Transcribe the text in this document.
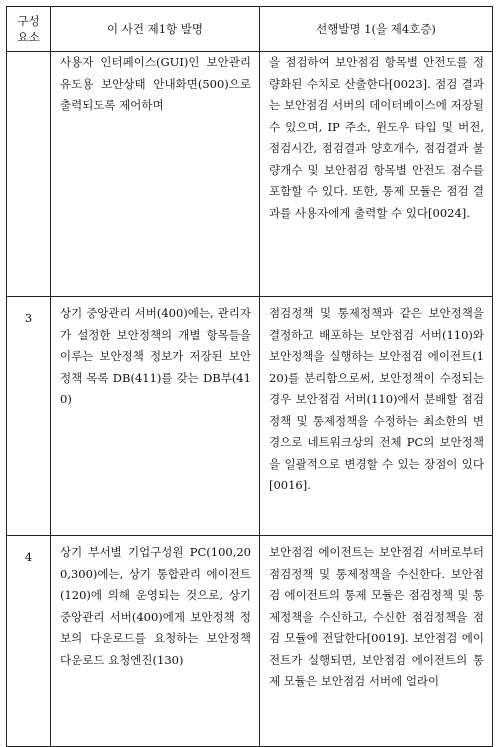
구성
요소	이 사건 제1항 발명	선행발명 1(을 제4호증)
	사용자 인터페이스(GUI)인 보안관리 유도용 보안상태 안내화면(500)으로 출력되도록 제어하며	을 점검하여 보안점검 항목별 안전도를 정량화된 수치로 산출한다[0023]. 점검 결과는 보안점검 서버의 데이터베이스에 저장될 수 있으며, IP 주소, 윈도우 타입 및 버전, 점검시간, 점검결과 양호개수, 점검결과 불량개수 및 보안점검 항목별 안전도 점수를 포함할 수 있다. 또한, 통제 모듈은 점검 결과를 사용자에게 출력할 수 있다[0024].
3	상기 중앙관리 서버(400)에는, 관리자가 설정한 보안정책의 개별 항목들을 이루는 보안정책 정보가 저장된 보안정책 목록 DB(411)를 갖는 DB부(410)	점검정책 및 통제정책과 같은 보안정책을 결정하고 배포하는 보안점검 서버(110)와 보안정책을 실행하는 보안점검 에이전트(120)를 분리함으로써, 보안정책이 수정되는 경우 보안점검 서버(110)에서 분배할 점검정책 및 통제정책을 수정하는 최소한의 변경으로 네트워크상의 전체 PC의 보안정책을 일괄적으로 변경할 수 있는 장점이 있다[0016].
4	상기 부서별 기업구성원 PC(100,200,300)에는, 상기 통합관리 에이전트(120)에 의해 운영되는 것으로, 상기 중앙관리 서버(400)에게 보안정책 정보의 다운로드를 요청하는 보안정책 다운로드 요청엔진(130)	보안점검 에이전트는 보안점검 서버로부터 점검정책 및 통제정책을 수신한다. 보안점검 에이전트의 통제 모듈은 점검정책 및 통제정책을 수신하고, 수신한 점검정책을 점검 모듈에 전달한다[0019]. 보안점검 에이전트가 실행되면, 보안점검 에이전트의 통제 모듈은 보안점검 서버에 얼라이
